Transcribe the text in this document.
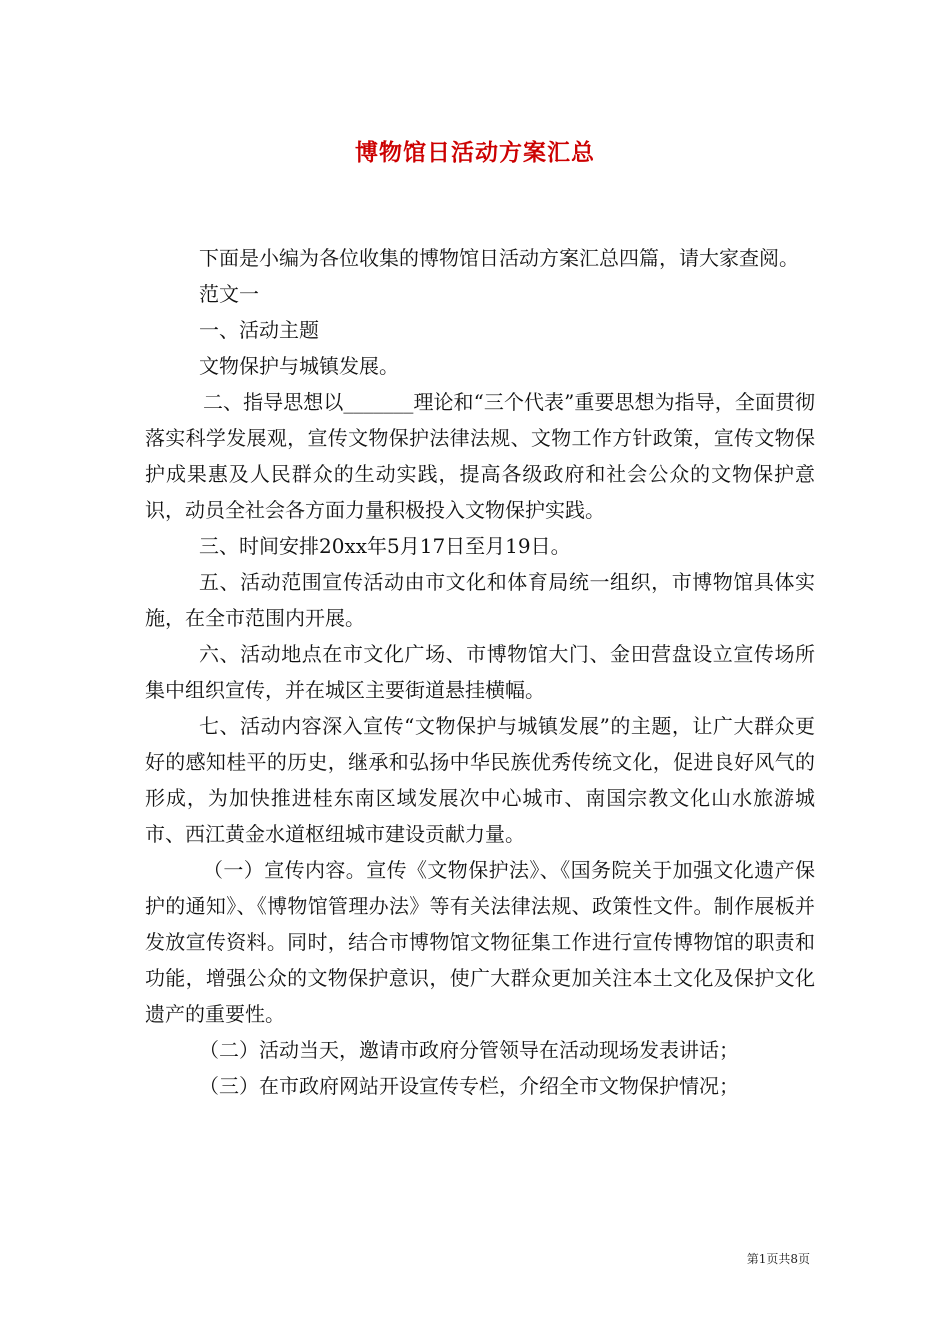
博物馆日活动方案汇总

下面是小编为各位收集的博物馆日活动方案汇总四篇，请大家查阅。

范文一

一、活动主题

文物保护与城镇发展。

二、指导思想以_______理论和“三个代表”重要思想为指导，全面贯彻落实科学发展观，宣传文物保护法律法规、文物工作方针政策，宣传文物保护成果惠及人民群众的生动实践，提高各级政府和社会公众的文物保护意识，动员全社会各方面力量积极投入文物保护实践。

三、时间安排20xx年5月17日至月19日。

五、活动范围宣传活动由市文化和体育局统一组织，市博物馆具体实施，在全市范围内开展。

六、活动地点在市文化广场、市博物馆大门、金田营盘设立宣传场所集中组织宣传，并在城区主要街道悬挂横幅。

七、活动内容深入宣传“文物保护与城镇发展”的主题，让广大群众更好的感知桂平的历史，继承和弘扬中华民族优秀传统文化，促进良好风气的形成，为加快推进桂东南区域发展次中心城市、南国宗教文化山水旅游城市、西江黄金水道枢纽城市建设贡献力量。

（一）宣传内容。宣传《文物保护法》、《国务院关于加强文化遗产保护的通知》、《博物馆管理办法》等有关法律法规、政策性文件。制作展板并发放宣传资料。同时，结合市博物馆文物征集工作进行宣传博物馆的职责和功能，增强公众的文物保护意识，使广大群众更加关注本土文化及保护文化遗产的重要性。

（二）活动当天，邀请市政府分管领导在活动现场发表讲话；

（三）在市政府网站开设宣传专栏，介绍全市文物保护情况；

第1页共8页
